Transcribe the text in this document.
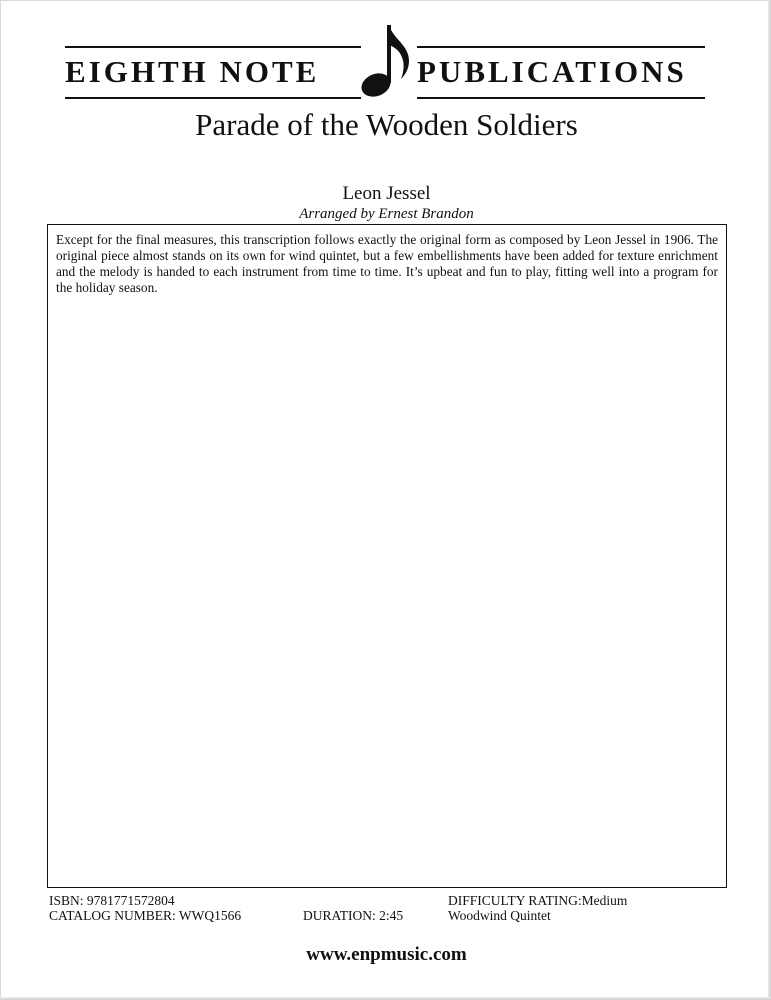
EIGHTH NOTE	PUBLICATIONS
Parade of the Wooden Soldiers
Leon Jessel
Arranged by Ernest Brandon
Except for the final measures, this transcription follows exactly the original form as composed by Leon Jessel in 1906. The original piece almost stands on its own for wind quintet, but a few embellishments have been added for texture enrichment and the melody is handed to each instrument from time to time. It’s upbeat and fun to play, fitting well into a program for the holiday season.
ISBN: 9781771572804
CATALOG NUMBER: WWQ1566	DURATION: 2:45
DIFFICULTY RATING:Medium
Woodwind Quintet
www.enpmusic.com
